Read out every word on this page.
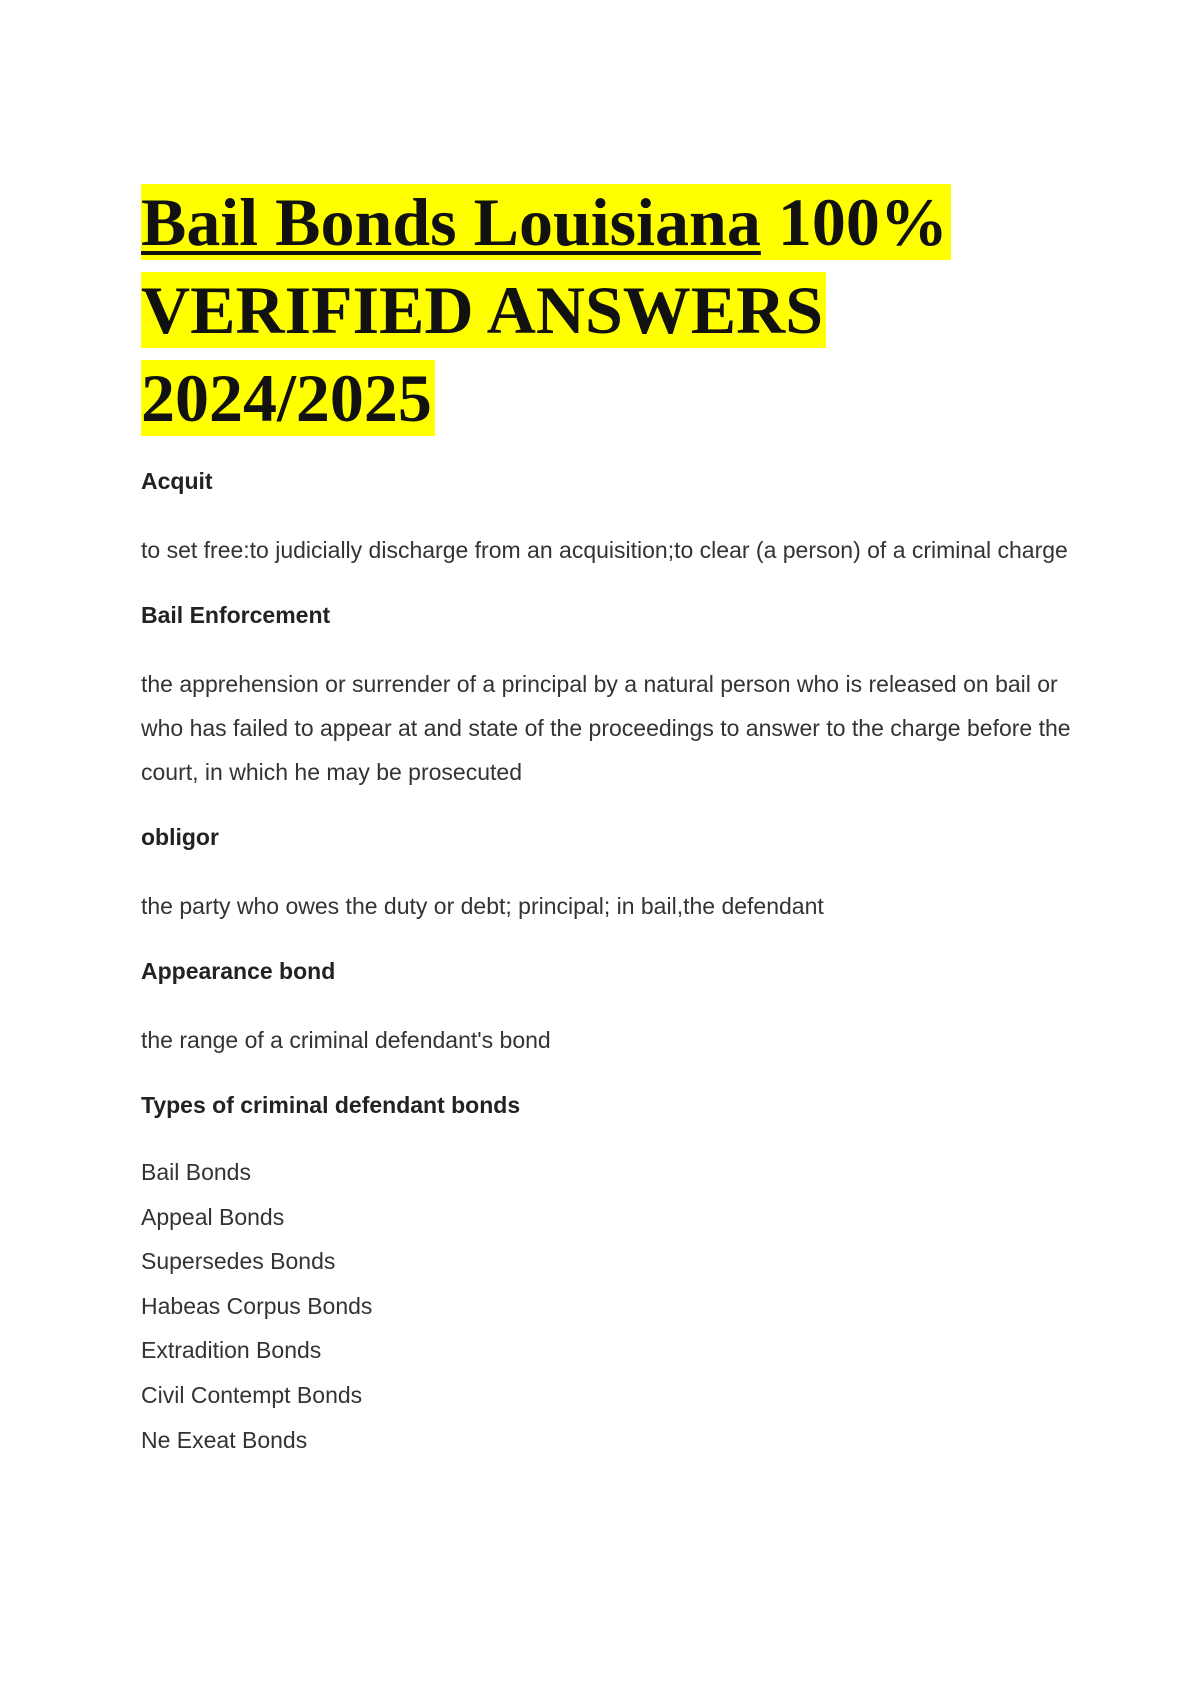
Bail Bonds Louisiana 100% VERIFIED ANSWERS 2024/2025

Acquit

to set free:to judicially discharge from an acquisition;to clear (a person) of a criminal charge

Bail Enforcement

the apprehension or surrender of a principal by a natural person who is released on bail or who has failed to appear at and state of the proceedings to answer to the charge before the court, in which he may be prosecuted

obligor

the party who owes the duty or debt; principal; in bail,the defendant

Appearance bond

the range of a criminal defendant's bond

Types of criminal defendant bonds

Bail Bonds
Appeal Bonds
Supersedes Bonds
Habeas Corpus Bonds
Extradition Bonds
Civil Contempt Bonds
Ne Exeat Bonds
